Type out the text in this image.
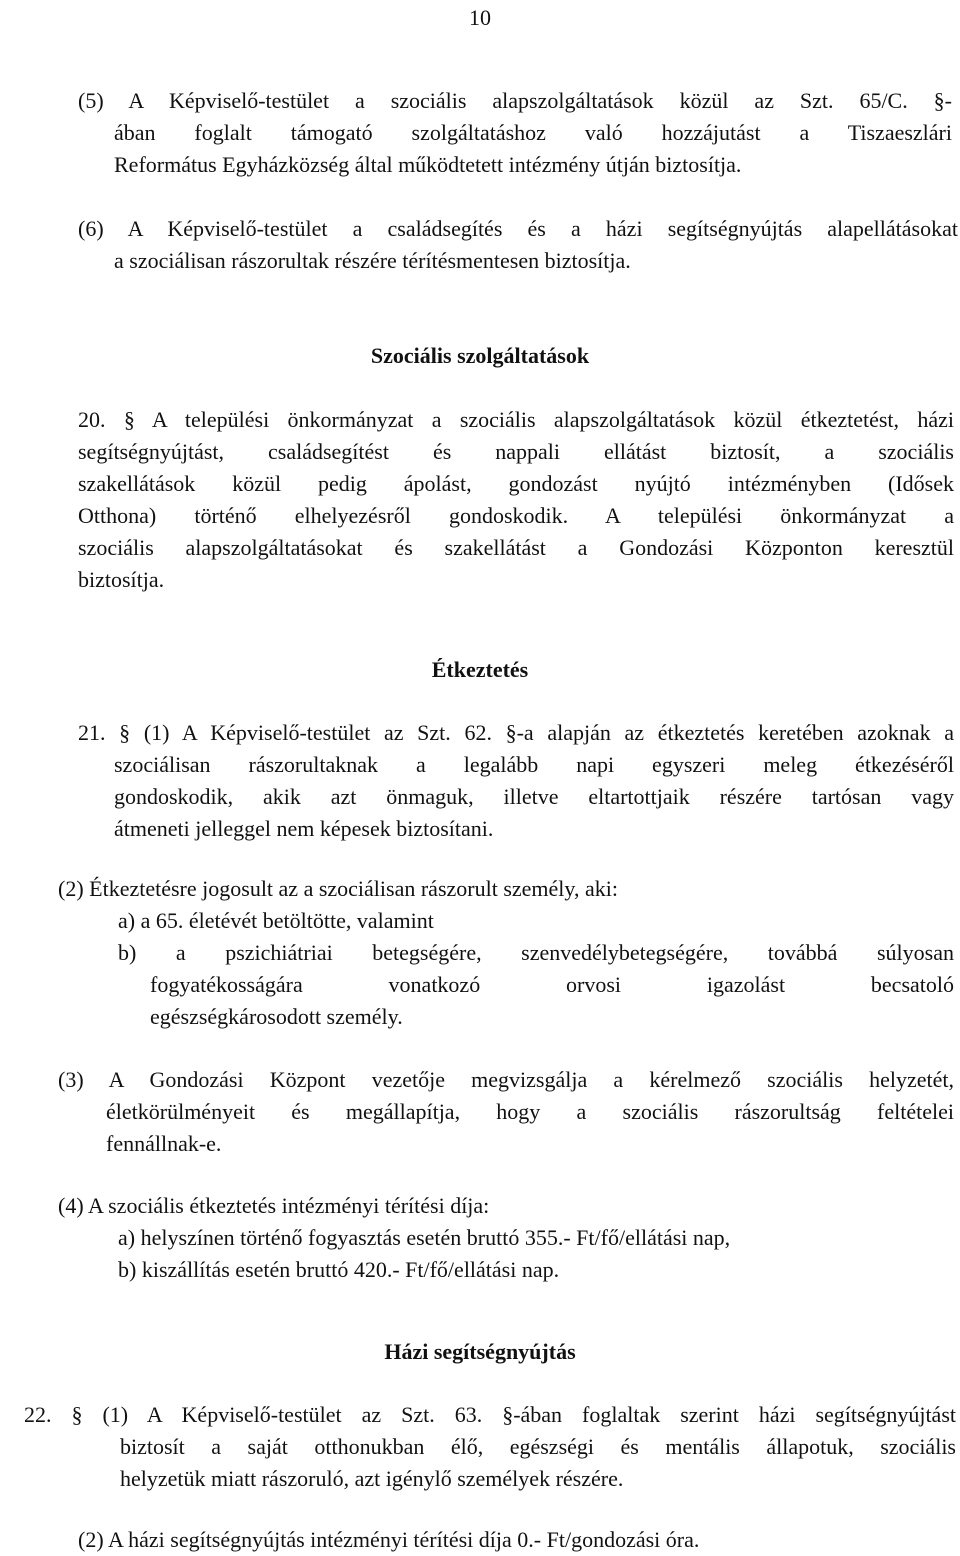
10
(5) A Képviselő-testület a szociális alapszolgáltatások közül az Szt. 65/C. §-
ában foglalt támogató szolgáltatáshoz való hozzájutást a Tiszaeszlári
Református Egyházközség által működtetett intézmény útján biztosítja.
(6) A Képviselő-testület a családsegítés és a házi segítségnyújtás alapellátásokat
a szociálisan rászorultak részére térítésmentesen biztosítja.
Szociális szolgáltatások
20. § A települési önkormányzat a szociális alapszolgáltatások közül étkeztetést, házi
segítségnyújtást, családsegítést és nappali ellátást biztosít, a szociális
szakellátások közül pedig ápolást, gondozást nyújtó intézményben (Idősek
Otthona) történő elhelyezésről gondoskodik. A települési önkormányzat a
szociális alapszolgáltatásokat és szakellátást a Gondozási Központon keresztül
biztosítja.
Étkeztetés
21. § (1) A Képviselő-testület az Szt. 62. §-a alapján az étkeztetés keretében azoknak a
szociálisan rászorultaknak a legalább napi egyszeri meleg étkezéséről
gondoskodik, akik azt önmaguk, illetve eltartottjaik részére tartósan vagy
átmeneti jelleggel nem képesek biztosítani.
(2) Étkeztetésre jogosult az a szociálisan rászorult személy, aki:
a) a 65. életévét betöltötte, valamint
b) a pszichiátriai betegségére, szenvedélybetegségére, továbbá súlyosan
fogyatékosságára vonatkozó orvosi igazolást becsatoló
egészségkárosodott személy.
(3) A Gondozási Központ vezetője megvizsgálja a kérelmező szociális helyzetét,
életkörülményeit és megállapítja, hogy a szociális rászorultság feltételei
fennállnak-e.
(4) A szociális étkeztetés intézményi térítési díja:
a) helyszínen történő fogyasztás esetén bruttó 355.- Ft/fő/ellátási nap,
b) kiszállítás esetén bruttó 420.- Ft/fő/ellátási nap.
Házi segítségnyújtás
22. § (1) A Képviselő-testület az Szt. 63. §-ában foglaltak szerint házi segítségnyújtást
biztosít a saját otthonukban élő, egészségi és mentális állapotuk, szociális
helyzetük miatt rászoruló, azt igénylő személyek részére.
(2) A házi segítségnyújtás intézményi térítési díja 0.- Ft/gondozási óra.
